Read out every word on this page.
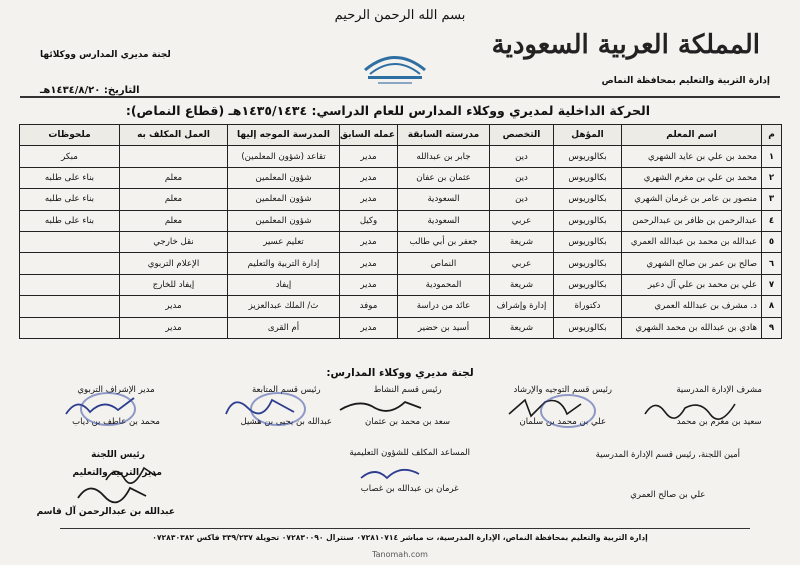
بسم الله الرحمن الرحيم
المملكة العربية السعودية
إدارة التربية والتعليم بمحافظة النماص
لجنة مديري المدارس ووكلائها
التاريخ: ١٤٣٤/٨/٢٠هـ
الحركة الداخلية لمديري ووكلاء المدارس للعام الدراسي: ١٤٣٥/١٤٣٤هـ (قطاع النماص):
م	اسم المعلم	المؤهل	التخصص	مدرسته السابقة	عمله السابق	المدرسة الموجه إليها	العمل المكلف به	ملحوظات
١	محمد بن علي بن عايد الشهري	بكالوريوس	دين	جابر بن عبدالله	مدير	تقاعد (شؤون المعلمين)		مبكر
٢	محمد بن علي بن مغرم الشهري	بكالوريوس	دين	عثمان بن عفان	مدير	شؤون المعلمين	معلم	بناء على طلبه
٣	منصور بن عامر بن غرمان الشهري	بكالوريوس	دين	السعودية	مدير	شؤون المعلمين	معلم	بناء على طلبه
٤	عبدالرحمن بن ظافر بن عبدالرحمن	بكالوريوس	عربي	السعودية	وكيل	شؤون المعلمين	معلم	بناء على طلبه
٥	عبدالله بن محمد بن عبدالله العمري	بكالوريوس	شريعة	جعفر بن أبي طالب	مدير	تعليم عسير	نقل خارجي	
٦	صالح بن عمر بن صالح الشهري	بكالوريوس	عربي	النماص	مدير	إدارة التربية والتعليم	الإعلام التربوي	
٧	علي بن محمد بن علي آل دعير	بكالوريوس	شريعة	المحمودية	مدير	إيفاد	إيفاد للخارج	
٨	د. مشرف بن عبدالله العمري	دكتوراة	إدارة وإشراف	عائد من دراسة	موفد	ث/ الملك عبدالعزيز	مدير	
٩	هادي بن عبدالله بن محمد الشهري	بكالوريوس	شريعة	أسيد بن حضير	مدير	أم القرى	مدير	
لجنة مديري ووكلاء المدارس:
مشرف الإدارة المدرسية
سعيد بن مغرم بن محمد
رئيس قسم التوجيه والإرشاد
علي بن محمد بن سلمان
رئيس قسم النشاط
سعد بن محمد بن عثمان
رئيس قسم المتابعة
عبدالله بن يحيى بن هشيل
مدير الإشراف التربوي
محمد بن عاطف بن ذياب
أمين اللجنة، رئيس قسم الإدارة المدرسية
علي بن صالح العمري
المساعد المكلف للشؤون التعليمية
غرمان بن عبدالله بن غصاب
رئيس اللجنة
مدير التربية والتعليم
عبدالله بن عبدالرحمن آل قاسم
إدارة التربية والتعليم بمحافظة النماص، الإدارة المدرسية، ت مباشر ٠٧٢٨١٠٧١٤ سنترال ٠٧٢٨٣٠٠٩٠ تحويلة ٣٣٩/٢٣٧ فاكس ٠٧٢٨٣٠٣٨٢
Tanomah.com
